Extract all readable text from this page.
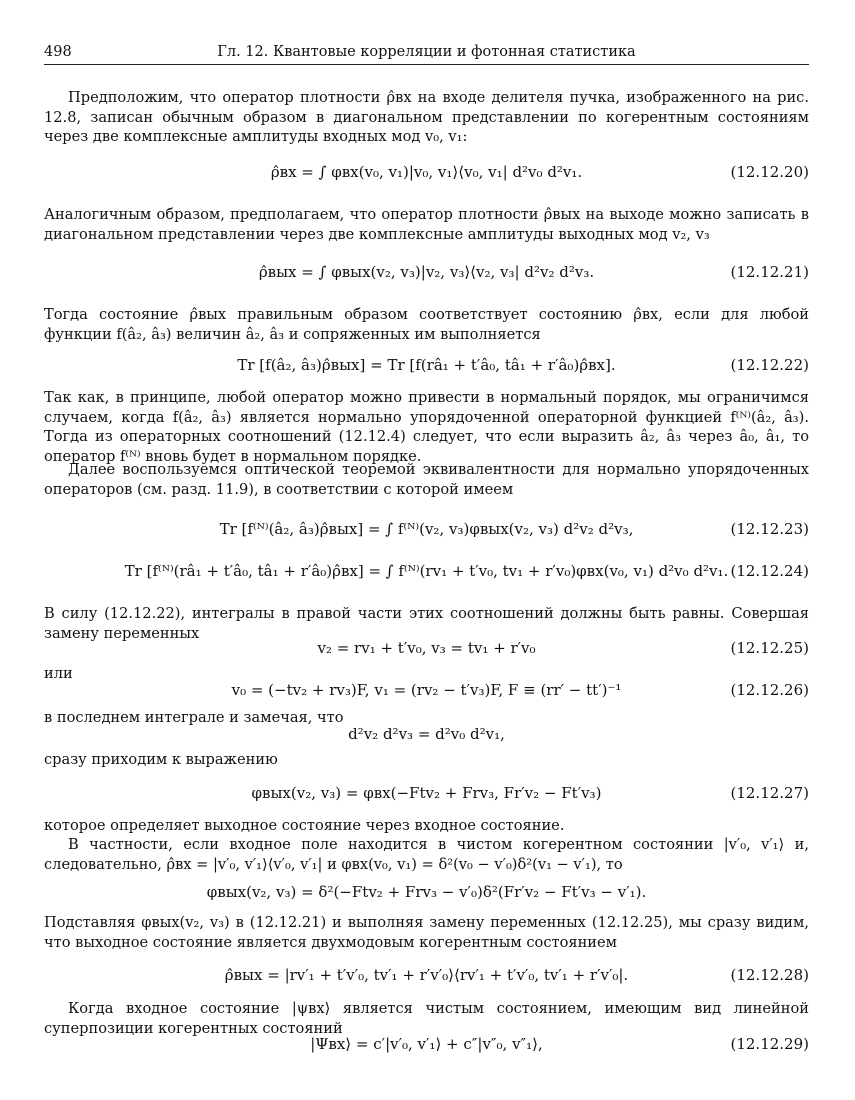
498	Гл. 12. Квантовые корреляции и фотонная статистика

Предположим, что оператор плотности ρ̂вх на входе делителя пучка, изображенного на рис. 12.8, записан обычным образом в диагональном представлении по когерентным состояниям через две комплексные амплитуды входных мод v₀, v₁:

ρ̂вх = ∫ φвх(v₀, v₁)|v₀, v₁⟩⟨v₀, v₁| d²v₀ d²v₁.	(12.12.20)

Аналогичным образом, предполагаем, что оператор плотности ρ̂вых на выходе можно записать в диагональном представлении через две комплексные амплитуды выходных мод v₂, v₃

ρ̂вых = ∫ φвых(v₂, v₃)|v₂, v₃⟩⟨v₂, v₃| d²v₂ d²v₃.	(12.12.21)

Тогда состояние ρ̂вых правильным образом соответствует состоянию ρ̂вх, если для любой функции f(â₂, â₃) величин â₂, â₃ и сопряженных им выполняется

Tr [f(â₂, â₃)ρ̂вых] = Tr [f(râ₁ + t′â₀, tâ₁ + r′â₀)ρ̂вх].	(12.12.22)

Так как, в принципе, любой оператор можно привести в нормальный порядок, мы ограничимся случаем, когда f(â₂, â₃) является нормально упорядоченной операторной функцией f⁽ᴺ⁾(â₂, â₃). Тогда из операторных соотношений (12.12.4) следует, что если выразить â₂, â₃ через â₀, â₁, то оператор f⁽ᴺ⁾ вновь будет в нормальном порядке.

Далее воспользуемся оптической теоремой эквивалентности для нормально упорядоченных операторов (см. разд. 11.9), в соответствии с которой имеем

Tr [f⁽ᴺ⁾(â₂, â₃)ρ̂вых] = ∫ f⁽ᴺ⁾(v₂, v₃)φвых(v₂, v₃) d²v₂ d²v₃,	(12.12.23)
Tr [f⁽ᴺ⁾(râ₁ + t′â₀, tâ₁ + r′â₀)ρ̂вх] = ∫ f⁽ᴺ⁾(rv₁ + t′v₀, tv₁ + r′v₀)φвх(v₀, v₁) d²v₀ d²v₁. (12.12.24)

В силу (12.12.22), интегралы в правой части этих соотношений должны быть равны. Совершая замену переменных

v₂ = rv₁ + t′v₀, v₃ = tv₁ + r′v₀	(12.12.25)

или

v₀ = (−tv₂ + rv₃)F, v₁ = (rv₂ − t′v₃)F, F ≡ (rr′ − tt′)⁻¹	(12.12.26)

в последнем интеграле и замечая, что

d²v₂ d²v₃ = d²v₀ d²v₁,

сразу приходим к выражению

φвых(v₂, v₃) = φвх(−Ftv₂ + Frv₃, Fr′v₂ − Ft′v₃)	(12.12.27)

которое определяет выходное состояние через входное состояние.

В частности, если входное поле находится в чистом когерентном состоянии |v′₀, v′₁⟩ и, следовательно, ρ̂вх = |v′₀, v′₁⟩⟨v′₀, v′₁| и φвх(v₀, v₁) = δ²(v₀ − v′₀)δ²(v₁ − v′₁), то

φвых(v₂, v₃) = δ²(−Ftv₂ + Frv₃ − v′₀)δ²(Fr′v₂ − Ft′v₃ − v′₁).

Подставляя φвых(v₂, v₃) в (12.12.21) и выполняя замену переменных (12.12.25), мы сразу видим, что выходное состояние является двухмодовым когерентным состоянием

ρ̂вых = |rv′₁ + t′v′₀, tv′₁ + r′v′₀⟩⟨rv′₁ + t′v′₀, tv′₁ + r′v′₀|.	(12.12.28)

Когда входное состояние |ψвх⟩ является чистым состоянием, имеющим вид линейной суперпозиции когерентных состояний

|Ψвх⟩ = c′|v′₀, v′₁⟩ + c″|v″₀, v″₁⟩,	(12.12.29)
